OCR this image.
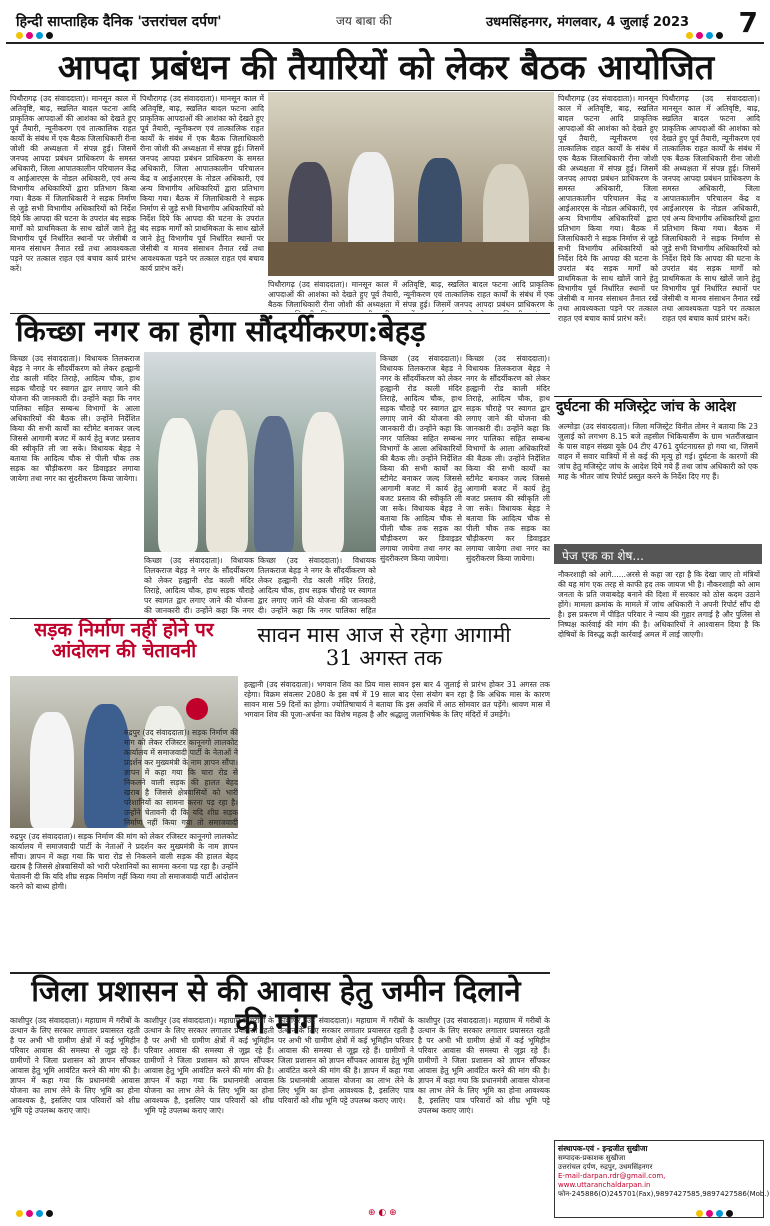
हिन्दी साप्ताहिक दैनिक 'उत्तरांचल दर्पण'	जय बाबा की	उधमसिंहनगर, मंगलवार, 4 जुलाई 2023 7
आपदा प्रबंधन की तैयारियों को लेकर बैठक आयोजित
पिथौरागढ़ (उद संवाददाता)। मानसून काल में अतिवृष्टि, बाढ़, स्खलित बादल फटना आदि प्राकृतिक आपदाओं की आशंका को देखते हुए पूर्व तैयारी, न्यूनीकरण एवं तात्कालिक राहत कार्यों के संबंध में एक बैठक जिलाधिकारी रीना जोशी की अध्यक्षता में संपन्न हुई। जिसमें जनपद आपदा प्रबंधन प्राधिकरण के समस्त अधिकारी, जिला आपातकालीन परिचालन केंद्र व आईआरएस के नोडल अधिकारी, एवं अन्य विभागीय अधिकारियों द्वारा प्रतिभाग किया गया। बैठक में जिलाधिकारी ने सड़क निर्माण से जुड़े सभी विभागीय अधिकारियों को निर्देश दिये कि आपदा की घटना के उपरांत बंद सड़क मार्गों को प्राथमिकता के साथ खोलें जाने हेतु विभागीय पूर्व निर्धारित स्थानों पर जेसीबी व मानव संसाधन तैनात रखें तथा आवश्यकता पड़ने पर तत्काल राहत एवं बचाव कार्य प्रारंभ करें।
पिथौरागढ़ (उद संवाददाता)। मानसून काल में अतिवृष्टि, बाढ़, स्खलित बादल फटना आदि प्राकृतिक आपदाओं की आशंका को देखते हुए पूर्व तैयारी, न्यूनीकरण एवं तात्कालिक राहत कार्यों के संबंध में एक बैठक जिलाधिकारी रीना जोशी की अध्यक्षता में संपन्न हुई। जिसमें जनपद आपदा प्रबंधन प्राधिकरण के समस्त अधिकारी, जिला आपातकालीन परिचालन केंद्र व आईआरएस के नोडल अधिकारी, एवं अन्य विभागीय अधिकारियों द्वारा प्रतिभाग किया गया। बैठक में जिलाधिकारी ने सड़क निर्माण से जुड़े सभी विभागीय अधिकारियों को निर्देश दिये कि आपदा की घटना के उपरांत बंद सड़क मार्गों को प्राथमिकता के साथ खोलें जाने हेतु विभागीय पूर्व निर्धारित स्थानों पर जेसीबी व मानव संसाधन तैनात रखें तथा आवश्यकता पड़ने पर तत्काल राहत एवं बचाव कार्य प्रारंभ करें।
पिथौरागढ़ (उद संवाददाता)। मानसून काल में अतिवृष्टि, बाढ़, स्खलित बादल फटना आदि प्राकृतिक आपदाओं की आशंका को देखते हुए पूर्व तैयारी, न्यूनीकरण एवं तात्कालिक राहत कार्यों के संबंध में एक बैठक जिलाधिकारी रीना जोशी की अध्यक्षता में संपन्न हुई। जिसमें जनपद आपदा प्रबंधन प्राधिकरण के
पिथौरागढ़ (उद संवाददाता)। मानसून काल में अतिवृष्टि, बाढ़, स्खलित बादल फटना आदि प्राकृतिक आपदाओं की आशंका को देखते हुए पूर्व तैयारी, न्यूनीकरण एवं तात्कालिक राहत कार्यों के संबंध में एक बैठक जिलाधिकारी रीना जोशी की अध्यक्षता में संपन्न हुई। जिसमें जनपद आपदा प्रबंधन प्राधिकरण के समस्त अधिकारी, जिला आपातकालीन परिचालन केंद्र व आईआरएस के नोडल अधिकारी, एवं अन्य विभागीय अधिकारियों द्वारा प्रतिभाग किया गया। बैठक में जिलाधिकारी ने सड़क निर्माण से जुड़े सभी विभागीय अधिकारियों को निर्देश दिये कि आपदा की घटना के उपरांत बंद सड़क मार्गों को प्राथमिकता के साथ खोलें जाने हेतु विभागीय पूर्व निर्धारित स्थानों पर जेसीबी व मानव संसाधन तैनात रखें तथा आवश्यकता पड़ने पर तत्काल राहत एवं बचाव कार्य प्रारंभ करें।
पिथौरागढ़ (उद संवाददाता)। मानसून काल में अतिवृष्टि, बाढ़, स्खलित बादल फटना आदि प्राकृतिक आपदाओं की आशंका को देखते हुए पूर्व तैयारी, न्यूनीकरण एवं तात्कालिक राहत कार्यों के संबंध में एक बैठक जिलाधिकारी रीना जोशी की अध्यक्षता में संपन्न हुई। जिसमें जनपद आपदा प्रबंधन प्राधिकरण के समस्त अधिकारी, जिला आपातकालीन परिचालन केंद्र व आईआरएस के नोडल अधिकारी, एवं अन्य विभागीय अधिकारियों द्वारा प्रतिभाग किया गया। बैठक में जिलाधिकारी ने सड़क निर्माण से जुड़े सभी विभागीय अधिकारियों को निर्देश दिये कि आपदा की घटना के उपरांत बंद सड़क मार्गों को प्राथमिकता के साथ खोलें जाने हेतु विभागीय पूर्व निर्धारित स्थानों पर जेसीबी व मानव संसाधन तैनात रखें तथा आवश्यकता पड़ने पर तत्काल राहत एवं बचाव कार्य प्रारंभ करें।
किच्छा नगर का होगा सौंदर्यीकरण:बेहड़
किच्छा (उद संवाददाता)। विधायक तिलकराज बेहड़ ने नगर के सौंदर्यीकरण को लेकर हल्द्वानी रोड काली मंदिर तिराहे, आदित्य चौक, हाथ सड़क चौराहे पर स्वागत द्वार लगाए जाने की योजना की जानकारी दी। उन्होंने कहा कि नगर पालिका सहित सम्बन्ध विभागों के आला अधिकारियों की बैठक ली। उन्होंने निर्देशित किया की सभी कार्यों का स्टीमेट बनाकर जल्द जिससे आगामी बजट में कार्य हेतु बजट प्रस्ताव की स्वीकृति ली जा सके। विधायक बेहड़ ने बताया कि आदित्य चौक से पीली चौक तक सड़क का चौड़ीकरण कर डिवाइडर लगाया जायेगा तथा नगर का सुंदरीकरण किया जायेगा।
किच्छा (उद संवाददाता)। विधायक तिलकराज बेहड़ ने नगर के सौंदर्यीकरण को लेकर हल्द्वानी रोड काली मंदिर तिराहे, आदित्य चौक, हाथ सड़क चौराहे पर स्वागत द्वार लगाए जाने की योजना की जानकारी दी। उन्होंने कहा कि नगर
किच्छा (उद संवाददाता)। विधायक तिलकराज बेहड़ ने नगर के सौंदर्यीकरण को लेकर हल्द्वानी रोड काली मंदिर तिराहे, आदित्य चौक, हाथ सड़क चौराहे पर स्वागत द्वार लगाए जाने की योजना की जानकारी दी। उन्होंने कहा कि नगर पालिका सहित
किच्छा (उद संवाददाता)। विधायक तिलकराज बेहड़ ने नगर के सौंदर्यीकरण को लेकर हल्द्वानी रोड काली मंदिर तिराहे, आदित्य चौक, हाथ सड़क चौराहे पर स्वागत द्वार लगाए जाने की योजना की जानकारी दी। उन्होंने कहा कि नगर पालिका सहित सम्बन्ध विभागों के आला अधिकारियों की बैठक ली। उन्होंने निर्देशित किया की सभी कार्यों का स्टीमेट बनाकर जल्द जिससे आगामी बजट में कार्य हेतु बजट प्रस्ताव की स्वीकृति ली जा सके। विधायक बेहड़ ने बताया कि आदित्य चौक से पीली चौक तक सड़क का चौड़ीकरण कर डिवाइडर लगाया जायेगा तथा नगर का सुंदरीकरण किया जायेगा।
किच्छा (उद संवाददाता)। विधायक तिलकराज बेहड़ ने नगर के सौंदर्यीकरण को लेकर हल्द्वानी रोड काली मंदिर तिराहे, आदित्य चौक, हाथ सड़क चौराहे पर स्वागत द्वार लगाए जाने की योजना की जानकारी दी। उन्होंने कहा कि नगर पालिका सहित सम्बन्ध विभागों के आला अधिकारियों की बैठक ली। उन्होंने निर्देशित किया की सभी कार्यों का स्टीमेट बनाकर जल्द जिससे आगामी बजट में कार्य हेतु बजट प्रस्ताव की स्वीकृति ली जा सके। विधायक बेहड़ ने बताया कि आदित्य चौक से पीली चौक तक सड़क का चौड़ीकरण कर डिवाइडर लगाया जायेगा तथा नगर का सुंदरीकरण किया जायेगा।
दुर्घटना की मजिस्ट्रेट जांच के आदेश
अल्मोड़ा (उद संवाददाता)। जिला मजिस्ट्रेट विनीत तोमर ने बताया कि 23 जुलाई को लगभग 8.15 बजे तहसील भिकियासैंण के ग्राम भतरौंजखान के पास वाहन संख्या यूके 04 टीए 4761 दुर्घटनाग्रस्त हो गया था, जिसमें वाहन में सवार यात्रियों में से कई की मृत्यु हो गई। दुर्घटना के कारणों की जांच हेतु मजिस्ट्रेट जांच के आदेश दिये गये हैं तथा जांच अधिकारी को एक माह के भीतर जांच रिपोर्ट प्रस्तुत करने के निर्देश दिए गए हैं।
पेज एक का शेष...
नौकरशाही को आगे......अरसे से कहा जा रहा है कि देखा जाए तो मंत्रियों की यह मांग एक तरह से काफी हद तक जायज भी है। नौकरशाही को आम जनता के प्रति जवाबदेह बनाने की दिशा में सरकार को ठोस कदम उठाने होंगे। मामला क्रमांक के मामले में जांच अधिकारी ने अपनी रिपोर्ट सौंप दी है। इस प्रकरण में पीड़ित परिवार ने न्याय की गुहार लगाई है और पुलिस से निष्पक्ष कार्रवाई की मांग की है। अधिकारियों ने आश्वासन दिया है कि दोषियों के विरुद्ध कड़ी कार्रवाई अमल में लाई जाएगी।
सड़क निर्माण नहीं होने पर आंदोलन की चेतावनी
रुद्रपुर (उद संवाददाता)। सड़क निर्माण की मांग को लेकर रजिस्टर कानूनगो लालकोट कार्यालय में समाजवादी पार्टी के नेताओं ने प्रदर्शन कर मुख्यमंत्री के नाम ज्ञापन सौंपा। ज्ञापन में कहा गया कि चारा रोड से निकलने वाली सड़क की हालत बेहद खराब है जिससे क्षेत्रवासियों को भारी परेशानियों का सामना करना पड़ रहा है। उन्होंने चेतावनी दी कि यदि शीघ्र सड़क निर्माण नहीं किया गया तो समाजवादी
रुद्रपुर (उद संवाददाता)। सड़क निर्माण की मांग को लेकर रजिस्टर कानूनगो लालकोट कार्यालय में समाजवादी पार्टी के नेताओं ने प्रदर्शन कर मुख्यमंत्री के नाम ज्ञापन सौंपा। ज्ञापन में कहा गया कि चारा रोड से निकलने वाली सड़क की हालत बेहद खराब है जिससे क्षेत्रवासियों को भारी परेशानियों का सामना करना पड़ रहा है। उन्होंने चेतावनी दी कि यदि शीघ्र सड़क निर्माण नहीं किया गया तो समाजवादी पार्टी आंदोलन करने को बाध्य होगी।
सावन मास आज से रहेगा आगामी 31 अगस्त तक
हल्द्वानी (उद संवाददाता)। भगवान शिव का प्रिय मास सावन इस बार 4 जुलाई से प्रारंभ होकर 31 अगस्त तक रहेगा। विक्रम संवत्सर 2080 के इस वर्ष में 19 साल बाद ऐसा संयोग बन रहा है कि अधिक मास के कारण सावन मास 59 दिनों का होगा। ज्योतिषाचार्य ने बताया कि इस अवधि में आठ सोमवार व्रत पड़ेंगे। श्रावण मास में भगवान शिव की पूजा-अर्चना का विशेष महत्व है और श्रद्धालु जलाभिषेक के लिए मंदिरों में उमड़ेंगे।
जिला प्रशासन से की आवास हेतु जमीन दिलाने की मांग
काशीपुर (उद संवाददाता)। महाग्राम में गरीबों के उत्थान के लिए सरकार लगातार प्रयासरत रहती है पर अभी भी ग्रामीण क्षेत्रों में कई भूमिहीन परिवार आवास की समस्या से जूझ रहे हैं। ग्रामीणों ने जिला प्रशासन को ज्ञापन सौंपकर आवास हेतु भूमि आवंटित करने की मांग की है। ज्ञापन में कहा गया कि प्रधानमंत्री आवास योजना का लाभ लेने के लिए भूमि का होना आवश्यक है, इसलिए पात्र परिवारों को शीघ्र भूमि पट्टे उपलब्ध कराए जाएं।
काशीपुर (उद संवाददाता)। महाग्राम में गरीबों के उत्थान के लिए सरकार लगातार प्रयासरत रहती है पर अभी भी ग्रामीण क्षेत्रों में कई भूमिहीन परिवार आवास की समस्या से जूझ रहे हैं। ग्रामीणों ने जिला प्रशासन को ज्ञापन सौंपकर आवास हेतु भूमि आवंटित करने की मांग की है। ज्ञापन में कहा गया कि प्रधानमंत्री आवास योजना का लाभ लेने के लिए भूमि का होना आवश्यक है, इसलिए पात्र परिवारों को शीघ्र भूमि पट्टे उपलब्ध कराए जाएं।
काशीपुर (उद संवाददाता)। महाग्राम में गरीबों के उत्थान के लिए सरकार लगातार प्रयासरत रहती है पर अभी भी ग्रामीण क्षेत्रों में कई भूमिहीन परिवार आवास की समस्या से जूझ रहे हैं। ग्रामीणों ने जिला प्रशासन को ज्ञापन सौंपकर आवास हेतु भूमि आवंटित करने की मांग की है। ज्ञापन में कहा गया कि प्रधानमंत्री आवास योजना का लाभ लेने के लिए भूमि का होना आवश्यक है, इसलिए पात्र परिवारों को शीघ्र भूमि पट्टे उपलब्ध कराए जाएं।
काशीपुर (उद संवाददाता)। महाग्राम में गरीबों के उत्थान के लिए सरकार लगातार प्रयासरत रहती है पर अभी भी ग्रामीण क्षेत्रों में कई भूमिहीन परिवार आवास की समस्या से जूझ रहे हैं। ग्रामीणों ने जिला प्रशासन को ज्ञापन सौंपकर आवास हेतु भूमि आवंटित करने की मांग की है। ज्ञापन में कहा गया कि प्रधानमंत्री आवास योजना का लाभ लेने के लिए भूमि का होना आवश्यक है, इसलिए पात्र परिवारों को शीघ्र भूमि पट्टे उपलब्ध कराए जाएं।
संस्थापक-एवं - इन्द्रजीत सुखीजा
सम्पादक-प्रकाशक सुखीजा
उत्तरांचल दर्पण, रुद्रपुर, उधमसिंहनगर
E-mail-darpan.rdr@gmail.com, www.uttaranchaldarpan.in
फोन-245886(O)245701(Fax),9897427585,9897427586(Mob.)
⊕ ◐ ⊕
